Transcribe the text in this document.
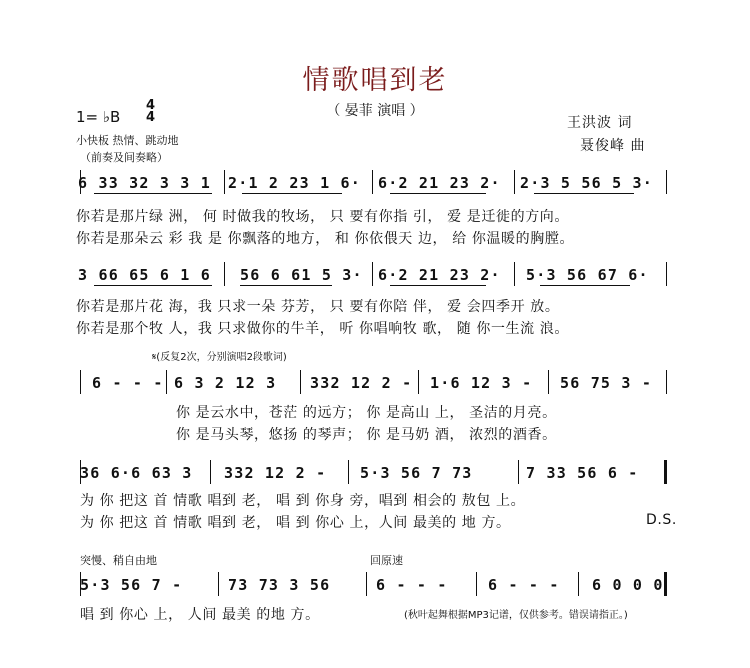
情歌唱到老
（ 晏菲 演唱 ）
1= ♭B
4
4
小快板 热情、跳动地
（前奏及间奏略）
王洪波 词
聂俊峰 曲
6 33 32 3 3 1 2·1 2 23 1 6· 6·2 21 23 2· 2·3 5 56 5 3·
你若是那片绿 洲， 何 时做我的牧场， 只 要有你指 引， 爱 是迁徙的方向。
你若是那朵云 彩 我 是 你飘落的地方， 和 你依偎天 边， 给 你温暖的胸膛。
3 66 65 6 1 6 56 6 61 5 3· 6·2 21 23 2· 5·3 56 67 6·
你若是那片花 海，我 只求一朵 芬芳， 只 要有你陪 伴， 爱 会四季开 放。
你若是那个牧 人，我 只求做你的牛羊， 听 你唱响牧 歌， 随 你一生流 浪。
𝄋(反复2次，分别演唱2段歌词)
6 - - - 6 3 2 12 3 332 12 2 - 1·6 12 3 - 56 75 3 -
你 是云水中，苍茫 的远方； 你 是高山 上， 圣洁的月亮。
你 是马头琴，悠扬 的琴声； 你 是马奶 酒， 浓烈的酒香。
36 6·6 63 3 332 12 2 - 5·3 56 7 73	7 33 56 6 -
为 你 把这 首 情歌 唱到 老， 唱 到 你身 旁，唱到 相会的 敖包 上。
为 你 把这 首 情歌 唱到 老， 唱 到 你心 上，人间 最美的 地 方。	D.S.
突慢、稍自由地	回原速
5·3 56 7 -	73 73 3 56	6 - - -	6 - - - 6 0 0 0
唱 到 你心 上， 人间 最美 的地 方。	(秋叶起舞根据MP3记谱，仅供参考。错误请指正。)
